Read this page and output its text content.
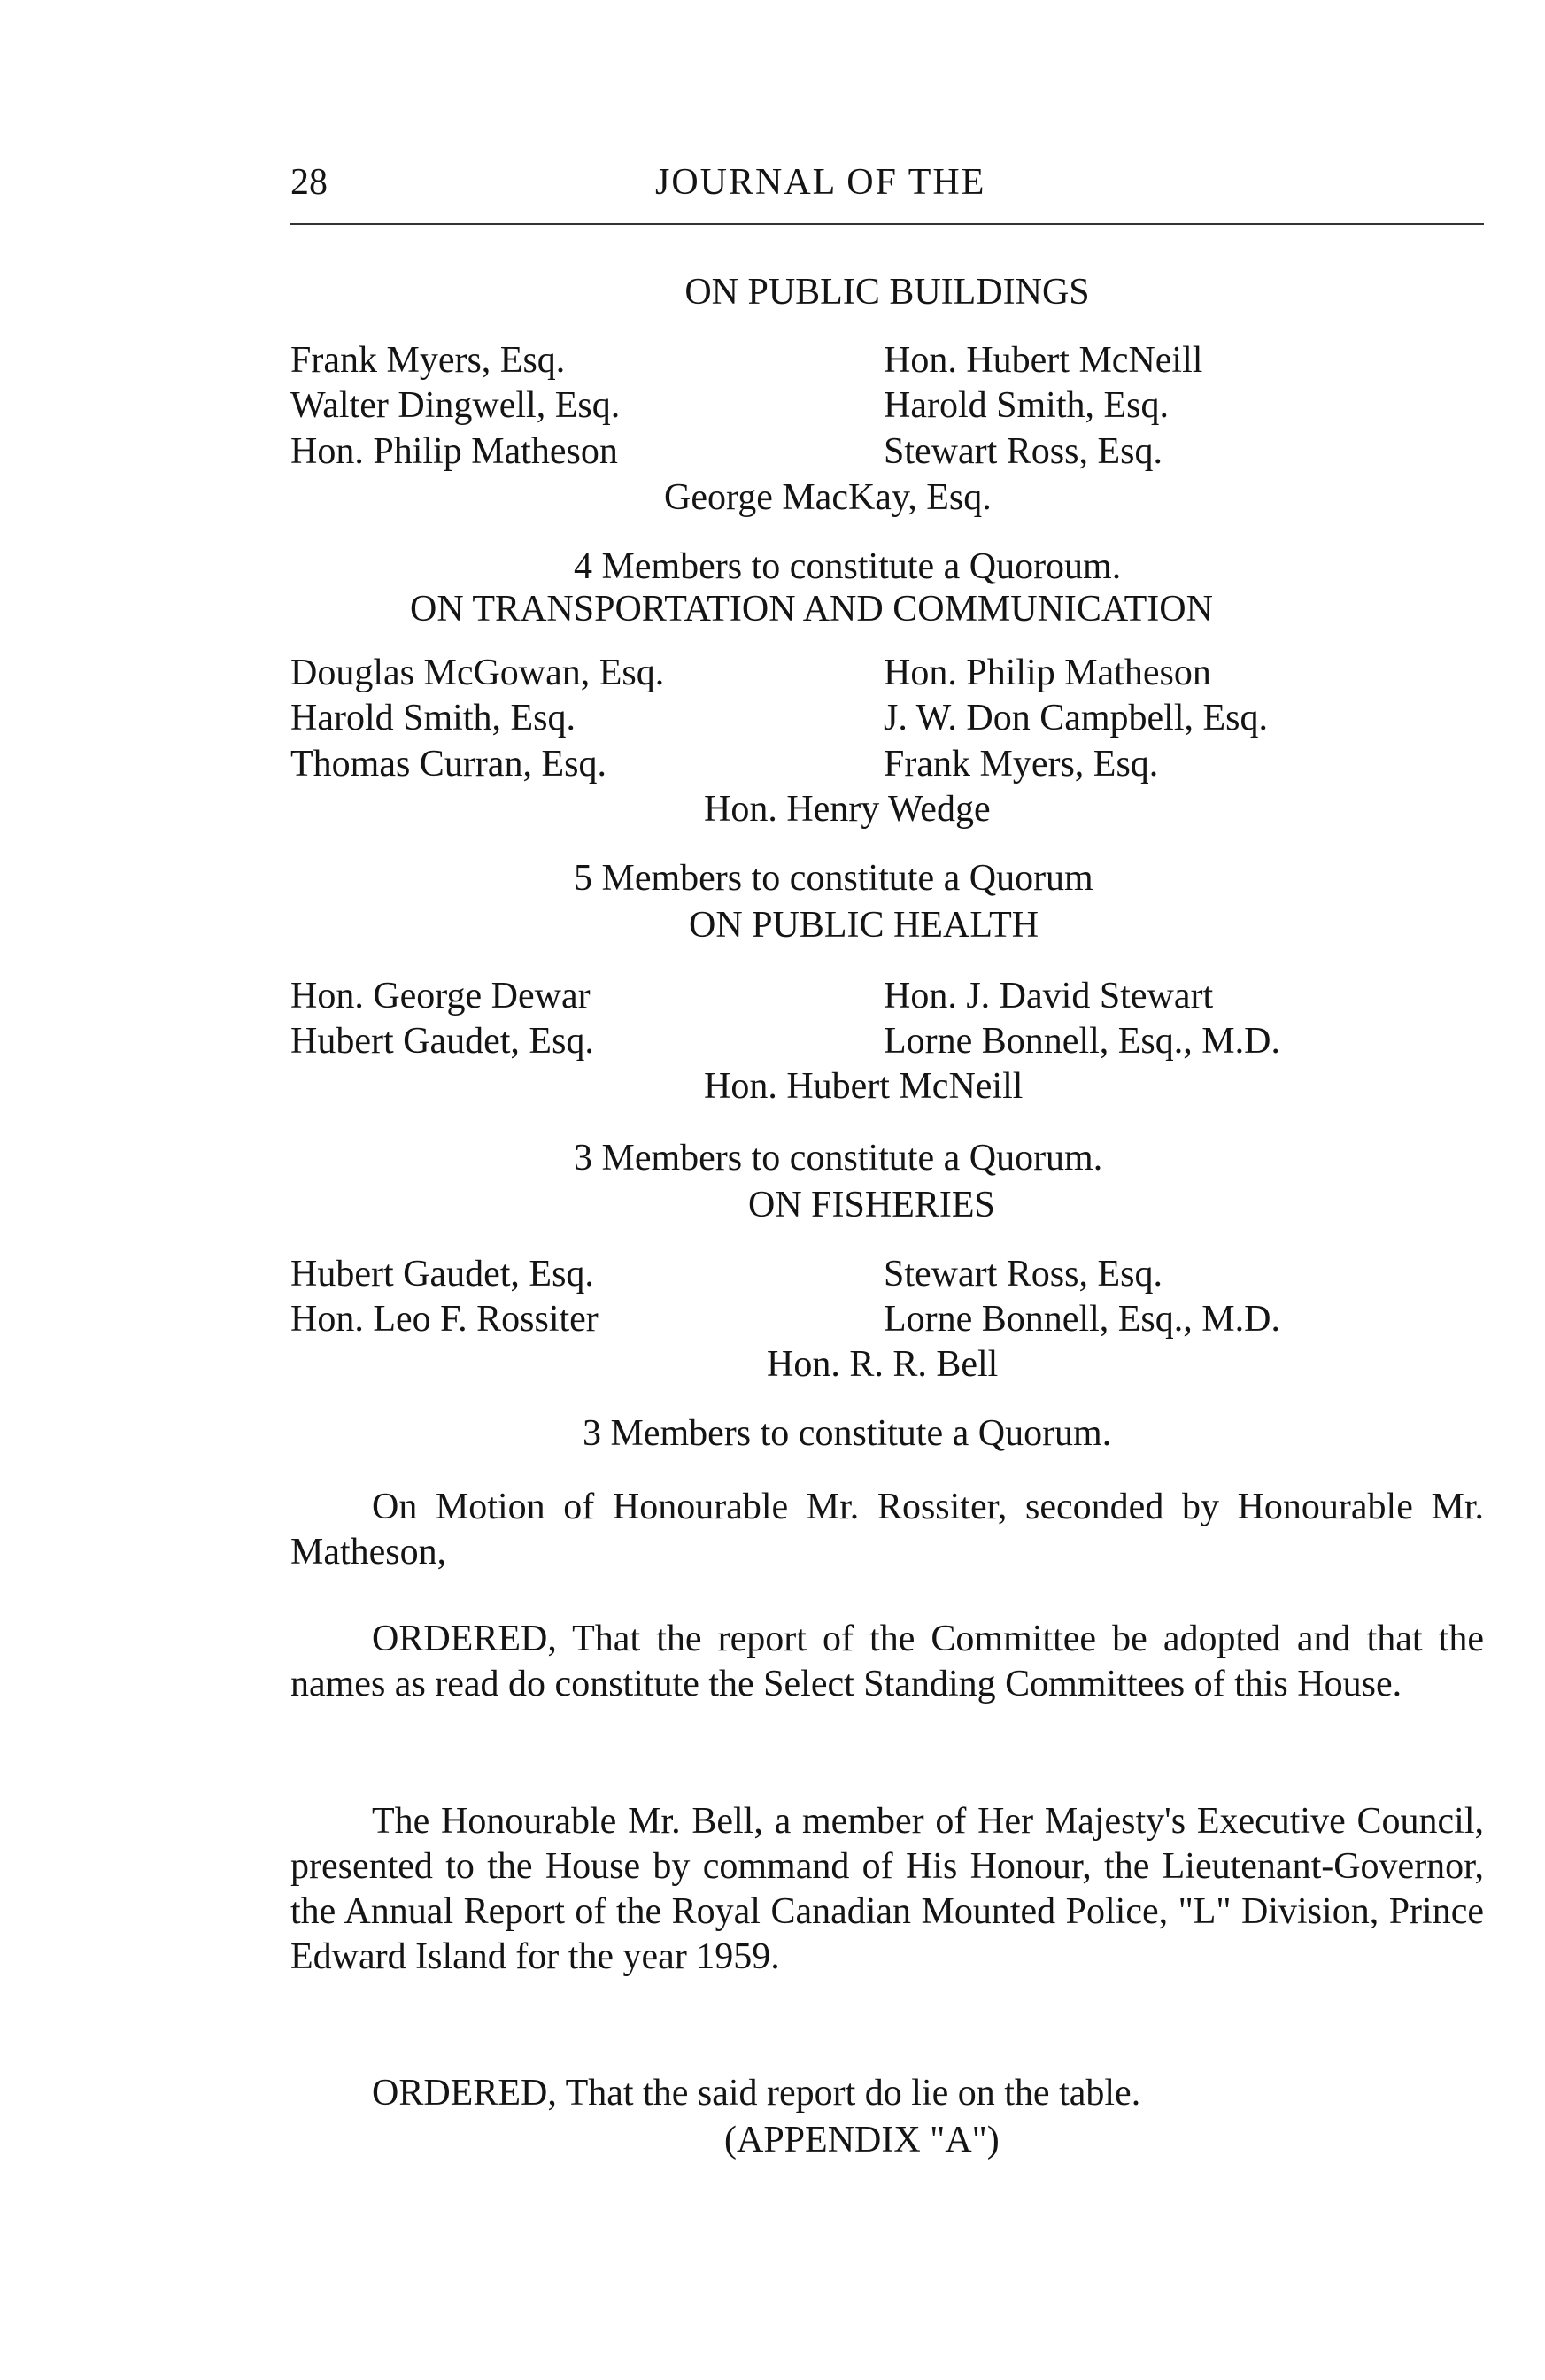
28	JOURNAL OF THE
ON PUBLIC BUILDINGS
Frank Myers, Esq.
Walter Dingwell, Esq.
Hon. Philip Matheson
Hon. Hubert McNeill
Harold Smith, Esq.
Stewart Ross, Esq.
George MacKay, Esq.
4 Members to constitute a Quoroum.
ON TRANSPORTATION AND COMMUNICATION
Douglas McGowan, Esq.
Harold Smith, Esq.
Thomas Curran, Esq.
Hon. Philip Matheson
J. W. Don Campbell, Esq.
Frank Myers, Esq.
Hon. Henry Wedge
5 Members to constitute a Quorum
ON PUBLIC HEALTH
Hon. George Dewar
Hubert Gaudet, Esq.
Hon. J. David Stewart
Lorne Bonnell, Esq., M.D.
Hon. Hubert McNeill
3 Members to constitute a Quorum.
ON FISHERIES
Hubert Gaudet, Esq.
Hon. Leo F. Rossiter
Stewart Ross, Esq.
Lorne Bonnell, Esq., M.D.
Hon. R. R. Bell
3 Members to constitute a Quorum.

On Motion of Honourable Mr. Rossiter, seconded by Honourable Mr. Matheson,

ORDERED, That the report of the Committee be adopted and that the names as read do constitute the Select Standing Committees of this House.

The Honourable Mr. Bell, a member of Her Majesty's Executive Council, presented to the House by command of His Honour, the Lieutenant-Governor, the Annual Report of the Royal Canadian Mounted Police, "L" Division, Prince Edward Island for the year 1959.

ORDERED, That the said report do lie on the table.

(APPENDIX "A")
